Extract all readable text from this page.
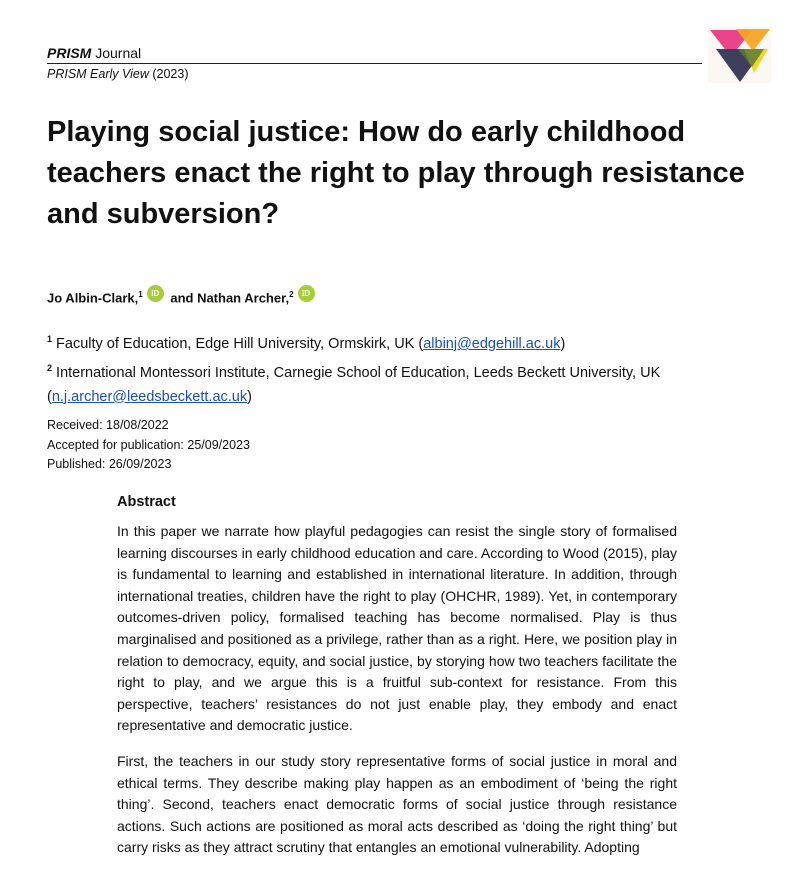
PRISM Journal
PRISM Early View (2023)
Playing social justice: How do early childhood teachers enact the right to play through resistance and subversion?
Jo Albin-Clark,$^1$ iD and Nathan Archer,$^2$ iD
$^1$ Faculty of Education, Edge Hill University, Ormskirk, UK (albinj@edgehill.ac.uk)
$^2$ International Montessori Institute, Carnegie School of Education, Leeds Beckett University, UK (n.j.archer@leedsbeckett.ac.uk)
Received: 18/08/2022
Accepted for publication: 25/09/2023
Published: 26/09/2023
Abstract

In this paper we narrate how playful pedagogies can resist the single story of formalised learning discourses in early childhood education and care. According to Wood (2015), play is fundamental to learning and established in international literature. In addition, through international treaties, children have the right to play (OHCHR, 1989). Yet, in contemporary outcomes-driven policy, formalised teaching has become normalised. Play is thus marginalised and positioned as a privilege, rather than as a right. Here, we position play in relation to democracy, equity, and social justice, by storying how two teachers facilitate the right to play, and we argue this is a fruitful sub-context for resistance. From this perspective, teachers’ resistances do not just enable play, they embody and enact representative and democratic justice.

First, the teachers in our study story representative forms of social justice in moral and ethical terms. They describe making play happen as an embodiment of ‘being the right thing’. Second, teachers enact democratic forms of social justice through resistance actions. Such actions are positioned as moral acts described as ‘doing the right thing’ but carry risks as they attract scrutiny that entangles an emotional vulnerability. Adopting
